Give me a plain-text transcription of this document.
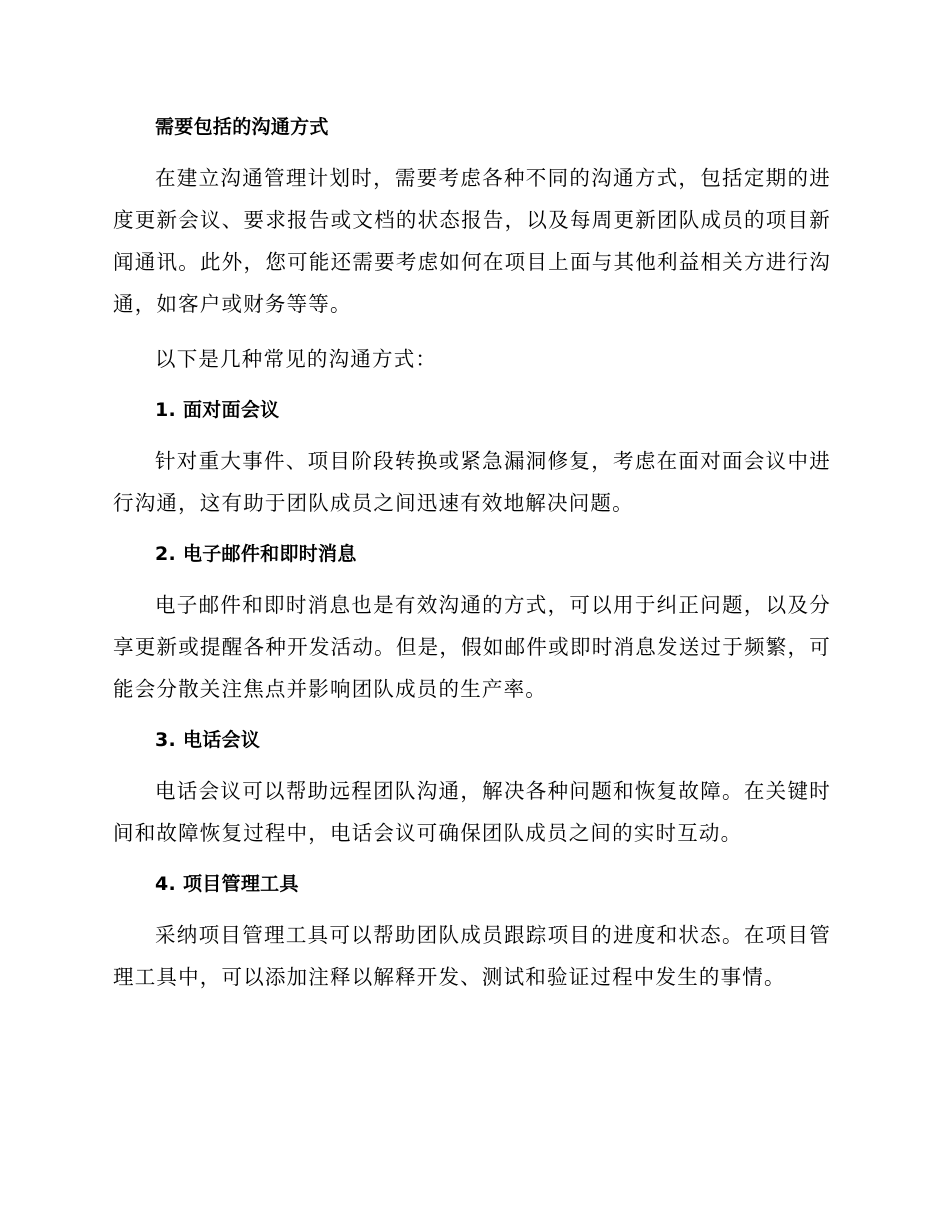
需要包括的沟通方式

在建立沟通管理计划时，需要考虑各种不同的沟通方式，包括定期的进度更新会议、要求报告或文档的状态报告，以及每周更新团队成员的项目新闻通讯。此外，您可能还需要考虑如何在项目上面与其他利益相关方进行沟通，如客户或财务等等。

以下是几种常见的沟通方式：

1. 面对面会议

针对重大事件、项目阶段转换或紧急漏洞修复，考虑在面对面会议中进行沟通，这有助于团队成员之间迅速有效地解决问题。

2. 电子邮件和即时消息

电子邮件和即时消息也是有效沟通的方式，可以用于纠正问题，以及分享更新或提醒各种开发活动。但是，假如邮件或即时消息发送过于频繁，可能会分散关注焦点并影响团队成员的生产率。

3. 电话会议

电话会议可以帮助远程团队沟通，解决各种问题和恢复故障。在关键时间和故障恢复过程中，电话会议可确保团队成员之间的实时互动。

4. 项目管理工具

采纳项目管理工具可以帮助团队成员跟踪项目的进度和状态。在项目管理工具中，可以添加注释以解释开发、测试和验证过程中发生的事情。
